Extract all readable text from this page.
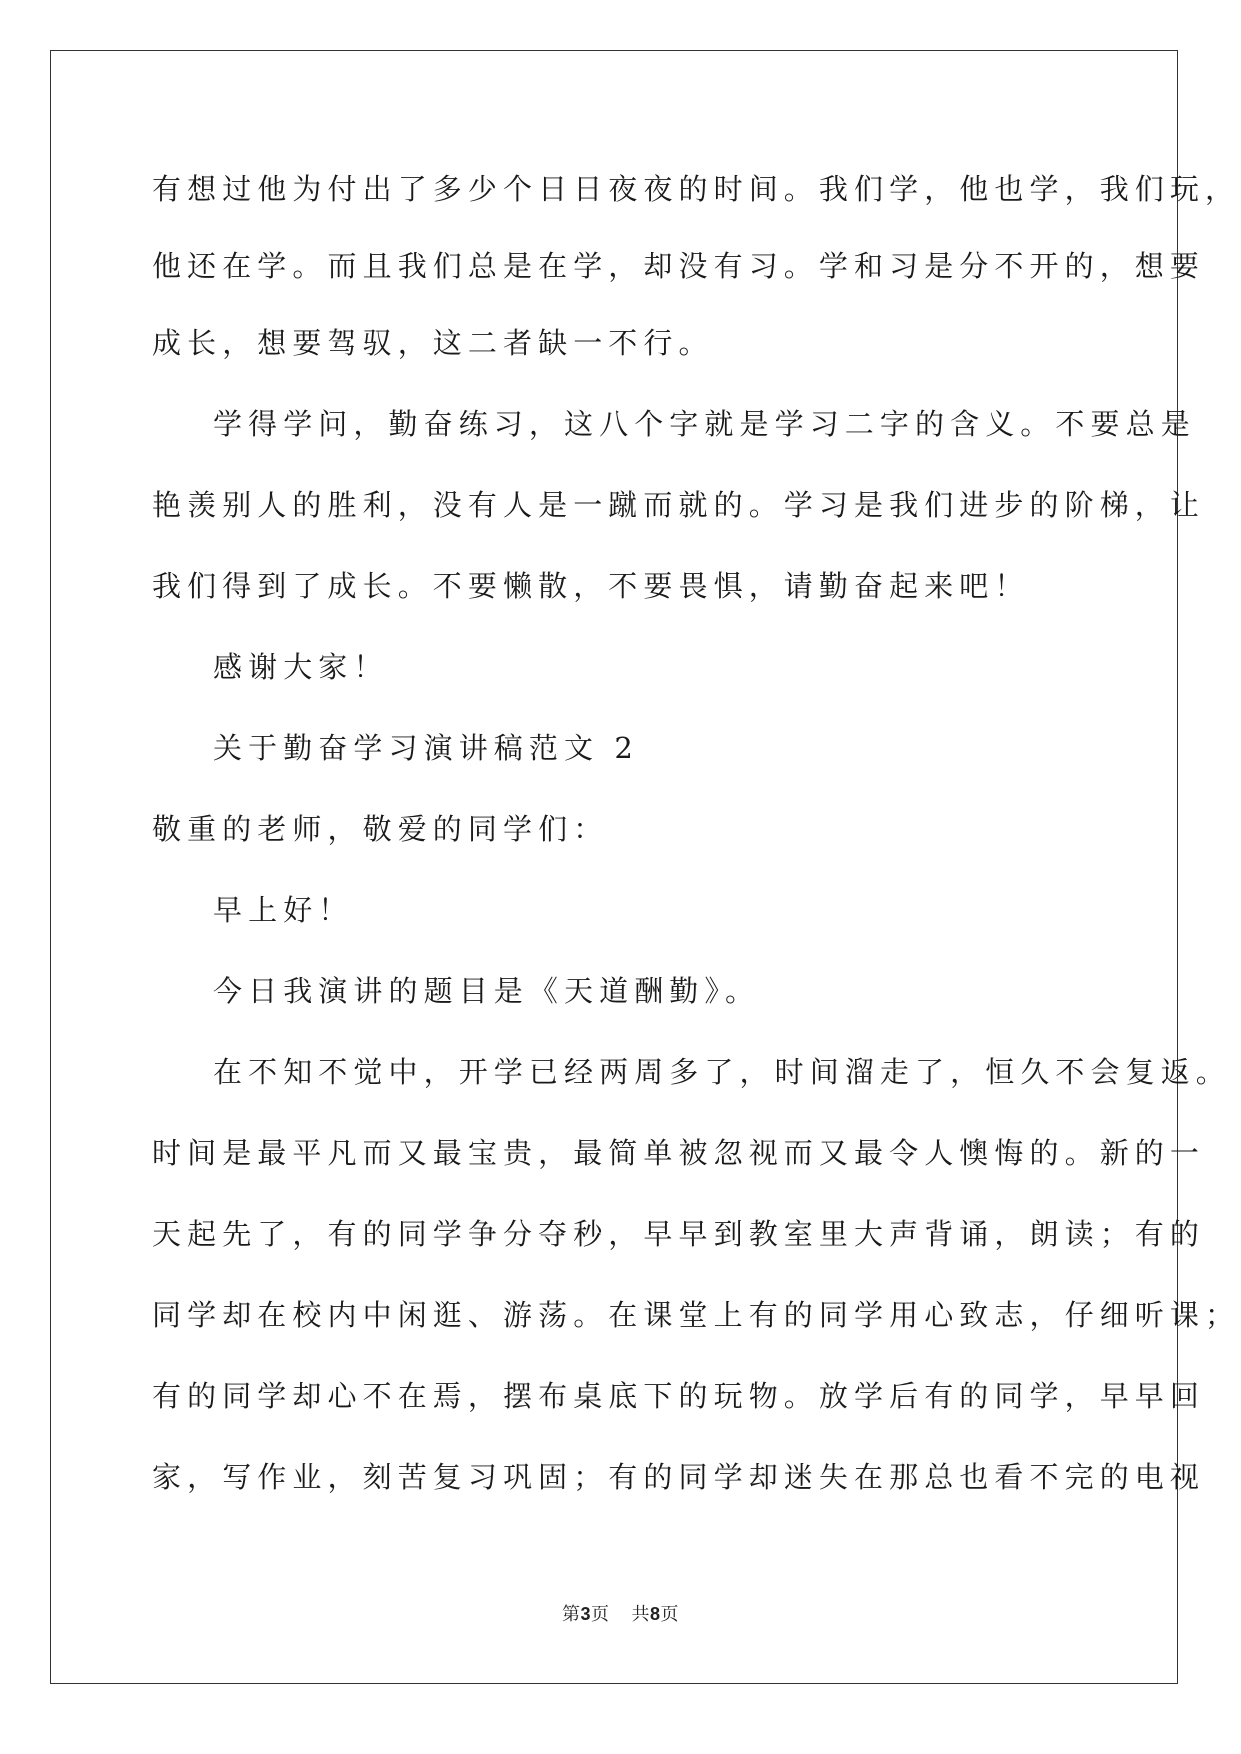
有想过他为付出了多少个日日夜夜的时间。我们学，他也学，我们玩，
他还在学。而且我们总是在学，却没有习。学和习是分不开的，想要
成长，想要驾驭，这二者缺一不行。
学得学问，勤奋练习，这八个字就是学习二字的含义。不要总是
艳羡别人的胜利，没有人是一蹴而就的。学习是我们进步的阶梯，让
我们得到了成长。不要懒散，不要畏惧，请勤奋起来吧！
感谢大家！
关于勤奋学习演讲稿范文 2
敬重的老师，敬爱的同学们：
早上好！
今日我演讲的题目是《天道酬勤》。
在不知不觉中，开学已经两周多了，时间溜走了，恒久不会复返。
时间是最平凡而又最宝贵，最简单被忽视而又最令人懊悔的。新的一
天起先了，有的同学争分夺秒，早早到教室里大声背诵，朗读；有的
同学却在校内中闲逛、游荡。在课堂上有的同学用心致志，仔细听课；
有的同学却心不在焉，摆布桌底下的玩物。放学后有的同学，早早回
家，写作业，刻苦复习巩固；有的同学却迷失在那总也看不完的电视
第3页 共8页
